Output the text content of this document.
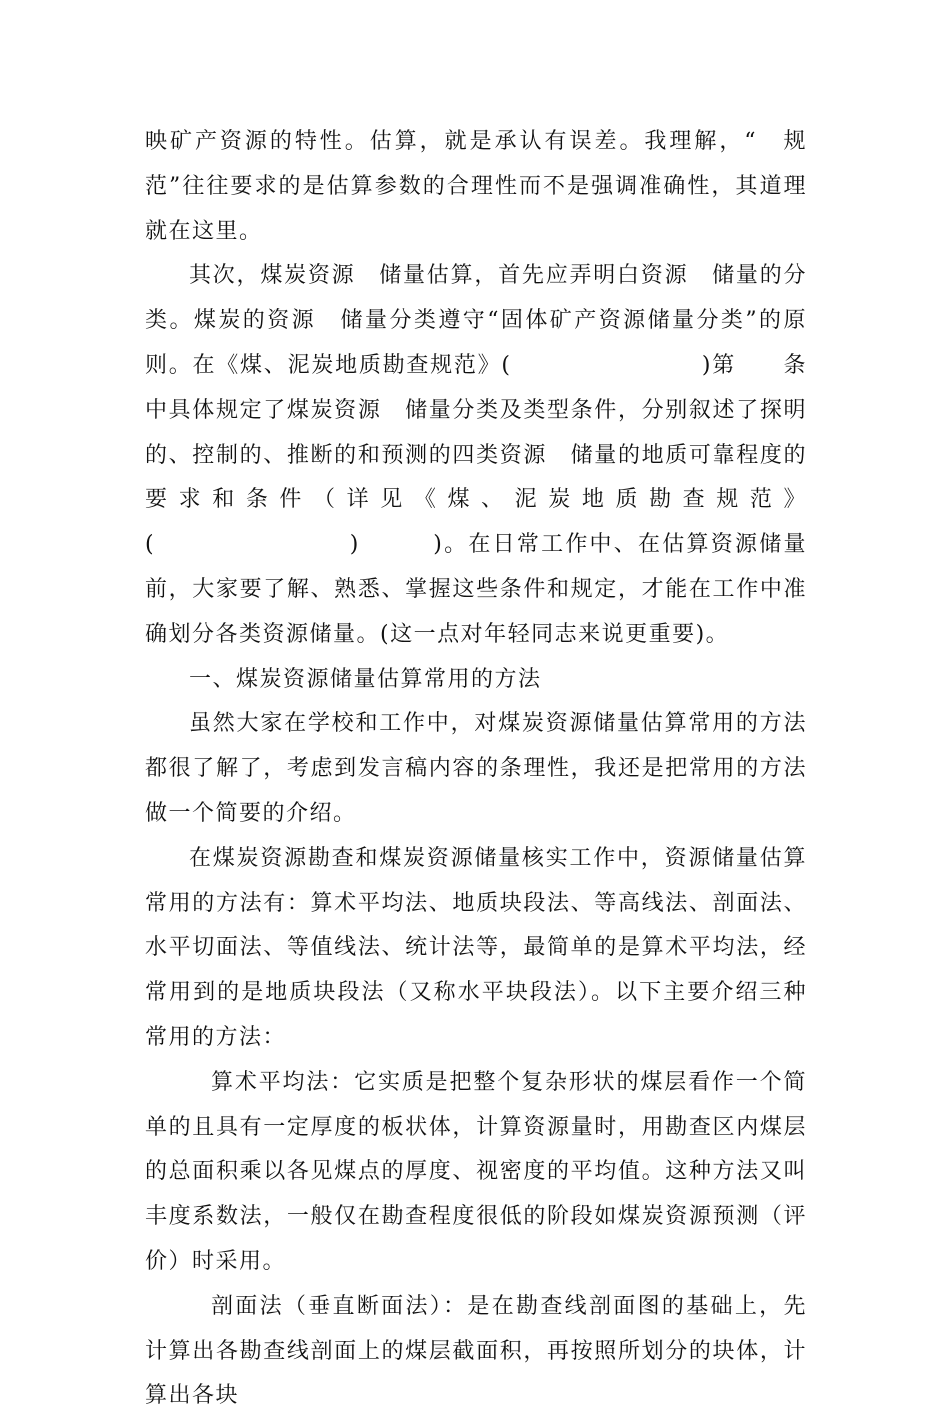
映矿产资源的特性。估算，就是承认有误差。我理解，“　规范”往往要求的是估算参数的合理性而不是强调准确性，其道理就在这里。

其次，煤炭资源　储量估算，首先应弄明白资源　储量的分类。煤炭的资源　储量分类遵守“固体矿产资源储量分类”的原则。在《煤、泥炭地质勘查规范》(　　　　　　　　)第　　条中具体规定了煤炭资源　储量分类及类型条件，分别叙述了探明的、控制的、推断的和预测的四类资源　储量的地质可靠程度的要求和条件（详见《煤、泥炭地质勘查规范》(　　　　　　　　)　　　)。在日常工作中、在估算资源储量前，大家要了解、熟悉、掌握这些条件和规定，才能在工作中准确划分各类资源储量。(这一点对年轻同志来说更重要)。

一、煤炭资源储量估算常用的方法

虽然大家在学校和工作中，对煤炭资源储量估算常用的方法都很了解了，考虑到发言稿内容的条理性，我还是把常用的方法做一个简要的介绍。

在煤炭资源勘查和煤炭资源储量核实工作中，资源储量估算常用的方法有：算术平均法、地质块段法、等高线法、剖面法、水平切面法、等值线法、统计法等，最简单的是算术平均法，经常用到的是地质块段法（又称水平块段法）。以下主要介绍三种常用的方法：

算术平均法：它实质是把整个复杂形状的煤层看作一个简单的且具有一定厚度的板状体，计算资源量时，用勘查区内煤层的总面积乘以各见煤点的厚度、视密度的平均值。这种方法又叫丰度系数法，一般仅在勘查程度很低的阶段如煤炭资源预测（评价）时采用。

剖面法（垂直断面法）：是在勘查线剖面图的基础上，先计算出各勘查线剖面上的煤层截面积，再按照所划分的块体，计算出各块
